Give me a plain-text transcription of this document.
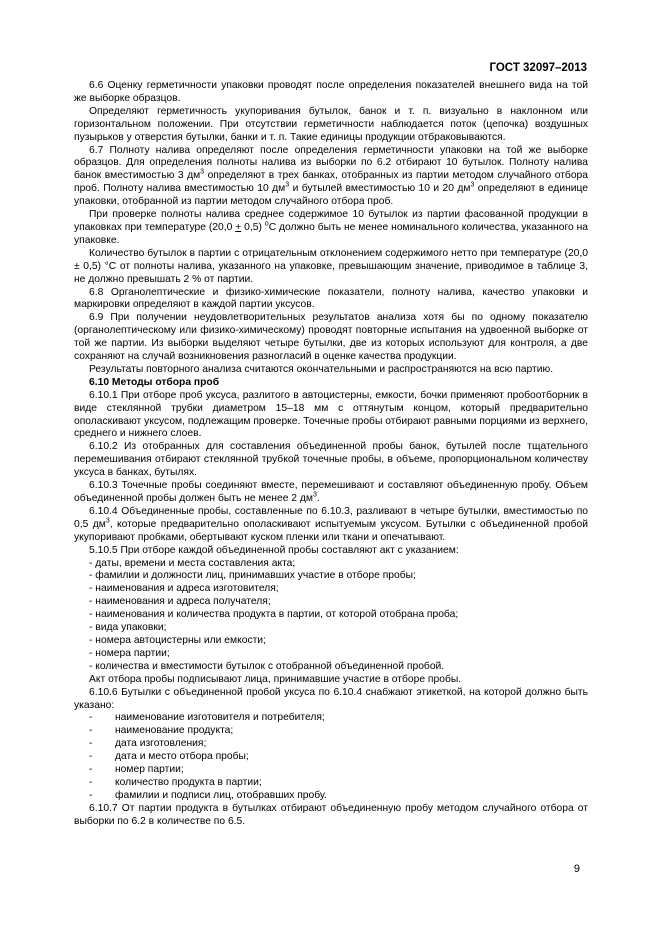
ГОСТ 32097–2013

6.6 Оценку герметичности упаковки проводят после определения показателей внешнего вида на той же выборке образцов.

Определяют герметичность укупоривания бутылок, банок и т. п. визуально в наклонном или горизонтальном положении. При отсутствии герметичности наблюдается поток (цепочка) воздушных пузырьков у отверстия бутылки, банки и т. п. Такие единицы продукции отбраковываются.

6.7 Полноту налива определяют после определения герметичности упаковки на той же выборке образцов. Для определения полноты налива из выборки по 6.2 отбирают 10 бутылок. Полноту налива банок вместимостью 3 $дм^3$ определяют в трех банках, отобранных из партии методом случайного отбора проб. Полноту налива вместимостью 10 $дм^3$ и бутылей вместимостью 10 и 20 $дм^3$ определяют в единице упаковки, отобранной из партии методом случайного отбора проб.

При проверке полноты налива среднее содержимое 10 бутылок из партии фасованной продукции в упаковках при температуре (20,0 + 0,5) $^о$С должно быть не менее номинального количества, указанного на упаковке.

Количество бутылок в партии с отрицательным отклонением содержимого нетто при температуре (20,0 ± 0,5) °С от полноты налива, указанного на упаковке, превышающим значение, приводимое в таблице 3, не должно превышать 2 % от партии.

6.8 Органолептические и физико-химические показатели, полноту налива, качество упаковки и маркировки определяют в каждой партии уксусов.

6.9 При получении неудовлетворительных результатов анализа хотя бы по одному показателю (органолептическому или физико-химическому) проводят повторные испытания на удвоенной выборке от той же партии. Из выборки выделяют четыре бутылки, две из которых используют для контроля, а две сохраняют на случай возникновения разногласий в оценке качества продукции.

Результаты повторного анализа считаются окончательными и распространяются на всю партию.

6.10 Методы отбора проб

6.10.1 При отборе проб уксуса, разлитого в автоцистерны, емкости, бочки применяют пробоотборник в виде стеклянной трубки диаметром 15–18 мм с оттянутым концом, который предварительно ополаскивают уксусом, подлежащим проверке. Точечные пробы отбирают равными порциями из верхнего, среднего и нижнего слоев.

6.10.2 Из отобранных для составления объединенной пробы банок, бутылей после тщательного перемешивания отбирают стеклянной трубкой точечные пробы, в объеме, пропорциональном количеству уксуса в банках, бутылях.

6.10.3 Точечные пробы соединяют вместе, перемешивают и составляют объединенную пробу. Объем объединенной пробы должен быть не менее 2 $дм^3$.

6.10.4 Объединенные пробы, составленные по 6.10.3, разливают в четыре бутылки, вместимостью по 0,5 $дм^3$, которые предварительно ополаскивают испытуемым уксусом. Бутылки с объединенной пробой укупоривают пробками, обертывают куском пленки или ткани и опечатывают.

5.10.5 При отборе каждой объединенной пробы составляют акт с указанием:

- даты, времени и места составления акта;

- фамилии и должности лиц, принимавших участие в отборе пробы;

- наименования и адреса изготовителя;

- наименования и адреса получателя;

- наименования и количества продукта в партии, от которой отобрана проба;

- вида упаковки;

- номера автоцистерны или емкости;

- номера партии;

- количества и вместимости бутылок с отобранной объединенной пробой.

Акт отбора пробы подписывают лица, принимавшие участие в отборе пробы.

6.10.6 Бутылки с объединенной пробой уксуса по 6.10.4 снабжают этикеткой, на которой должно быть указано:

- наименование изготовителя и потребителя;

- наименование продукта;

- дата изготовления;

- дата и место отбора пробы;

- номер партии;

- количество продукта в партии;

- фамилии и подписи лиц, отобравших пробу.

6.10.7 От партии продукта в бутылках отбирают объединенную пробу методом случайного отбора от выборки по 6.2 в количестве по 6.5.

9
